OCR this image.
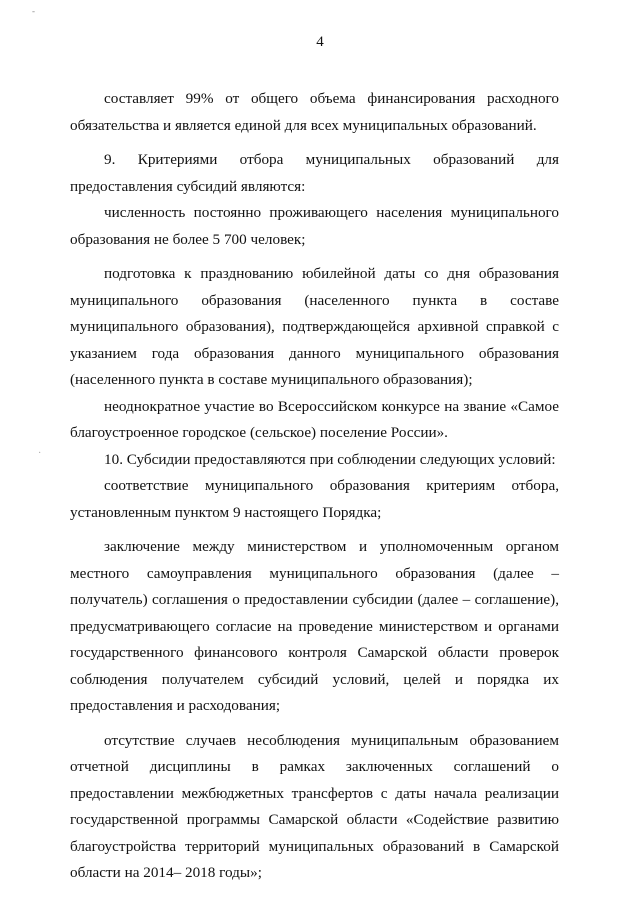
-
4
·

составляет 99% от общего объема финансирования расходного обязательства и является единой для всех муниципальных образований.

9. Критериями отбора муниципальных образований для предоставления субсидий являются:

численность постоянно проживающего населения муниципального образования не более 5 700 человек;

подготовка к празднованию юбилейной даты со дня образования муниципального образования (населенного пункта в составе муниципального образования), подтверждающейся архивной справкой с указанием года образования данного муниципального образования (населенного пункта в составе муниципального образования);

неоднократное участие во Всероссийском конкурсе на звание «Самое благоустроенное городское (сельское) поселение России».

10. Субсидии предоставляются при соблюдении следующих условий:

соответствие муниципального образования критериям отбора, установленным пунктом 9 настоящего Порядка;

заключение между министерством и уполномоченным органом местного самоуправления муниципального образования (далее – получатель) соглашения о предоставлении субсидии (далее – соглашение), предусматривающего согласие на проведение министерством и органами государственного финансового контроля Самарской области проверок соблюдения получателем субсидий условий, целей и порядка их предоставления и расходования;

отсутствие случаев несоблюдения муниципальным образованием отчетной дисциплины в рамках заключенных соглашений о предоставлении межбюджетных трансфертов с даты начала реализации государственной программы Самарской области «Содействие развитию благоустройства территорий муниципальных образований в Самарской области на 2014– 2018 годы»;
